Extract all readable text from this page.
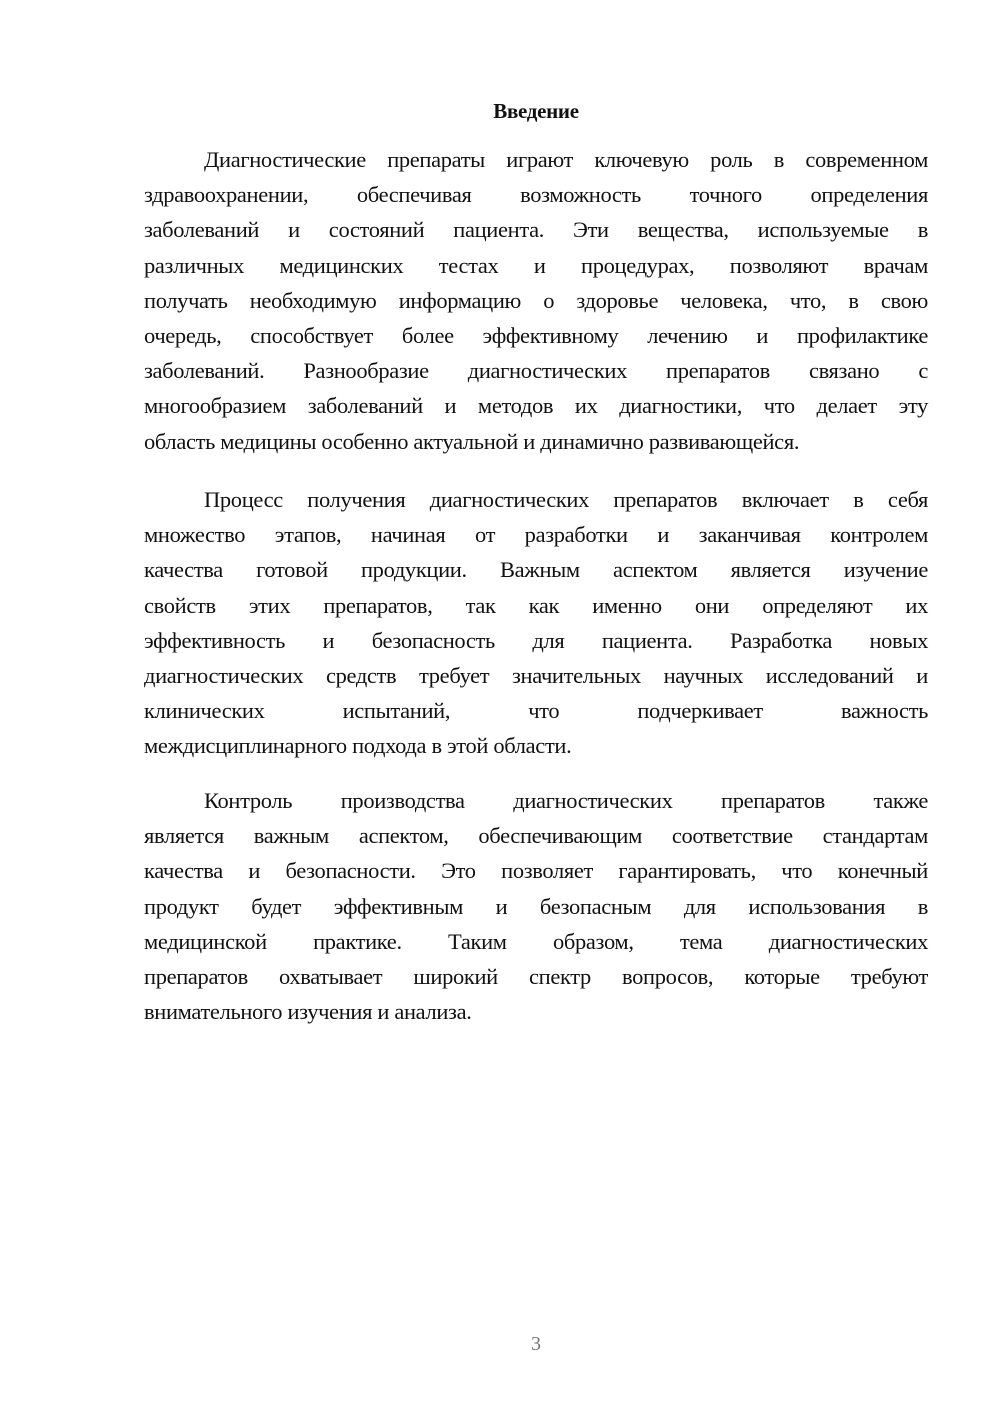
Введение

Диагностические препараты играют ключевую роль в современном
здравоохранении, обеспечивая возможность точного определения
заболеваний и состояний пациента. Эти вещества, используемые в
различных медицинских тестах и процедурах, позволяют врачам
получать необходимую информацию о здоровье человека, что, в свою
очередь, способствует более эффективному лечению и профилактике
заболеваний. Разнообразие диагностических препаратов связано с
многообразием заболеваний и методов их диагностики, что делает эту
область медицины особенно актуальной и динамично развивающейся.

Процесс получения диагностических препаратов включает в себя
множество этапов, начиная от разработки и заканчивая контролем
качества готовой продукции. Важным аспектом является изучение
свойств этих препаратов, так как именно они определяют их
эффективность и безопасность для пациента. Разработка новых
диагностических средств требует значительных научных исследований и
клинических испытаний, что подчеркивает важность
междисциплинарного подхода в этой области.

Контроль производства диагностических препаратов также
является важным аспектом, обеспечивающим соответствие стандартам
качества и безопасности. Это позволяет гарантировать, что конечный
продукт будет эффективным и безопасным для использования в
медицинской практике. Таким образом, тема диагностических
препаратов охватывает широкий спектр вопросов, которые требуют
внимательного изучения и анализа.

3
